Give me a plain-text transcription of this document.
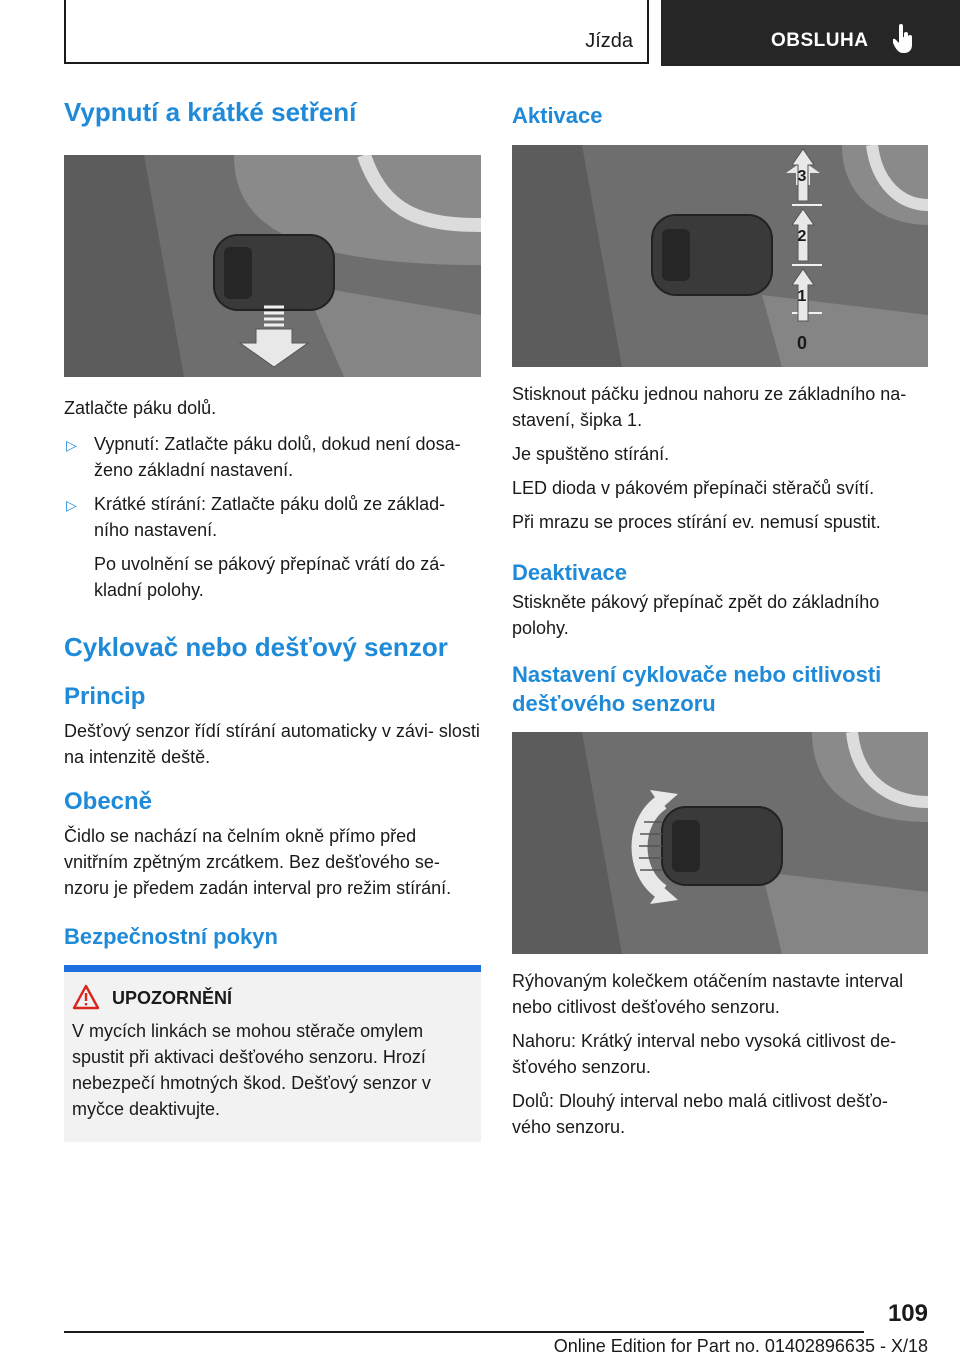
Jízda	OBSLUHA
Vypnutí a krátké setření

Zatlačte páku dolů.

▷ Vypnutí: Zatlačte páku dolů, dokud není dosa- ženo základní nastavení.
▷ Krátké stírání: Zatlačte páku dolů ze základ- ního nastavení.

Po uvolnění se pákový přepínač vrátí do zá- kladní polohy.

Cyklovač nebo dešťový senzor
Princip

Dešťový senzor řídí stírání automaticky v závi- slosti na intenzitě deště.

Obecně

Čidlo se nachází na čelním okně přímo před vnitřním zpětným zrcátkem. Bez dešťového se- nzoru je předem zadán interval pro režim stírání.

Bezpečnostní pokyn
UPOZORNĚNÍ

V mycích linkách se mohou stěrače omylem spustit při aktivaci dešťového senzoru. Hrozí nebezpečí hmotných škod. Dešťový senzor v myčce deaktivujte.

Aktivace
3
2
1
0

Stisknout páčku jednou nahoru ze základního na- stavení, šipka 1.

Je spuštěno stírání.

LED dioda v pákovém přepínači stěračů svítí.

Při mrazu se proces stírání ev. nemusí spustit.

Deaktivace

Stiskněte pákový přepínač zpět do základního polohy.

Nastavení cyklovače nebo citlivosti dešťového senzoru

Rýhovaným kolečkem otáčením nastavte interval nebo citlivost dešťového senzoru.

Nahoru: Krátký interval nebo vysoká citlivost de- šťového senzoru.

Dolů: Dlouhý interval nebo malá citlivost dešťo- vého senzoru.

109
Online Edition for Part no. 01402896635 - X/18
